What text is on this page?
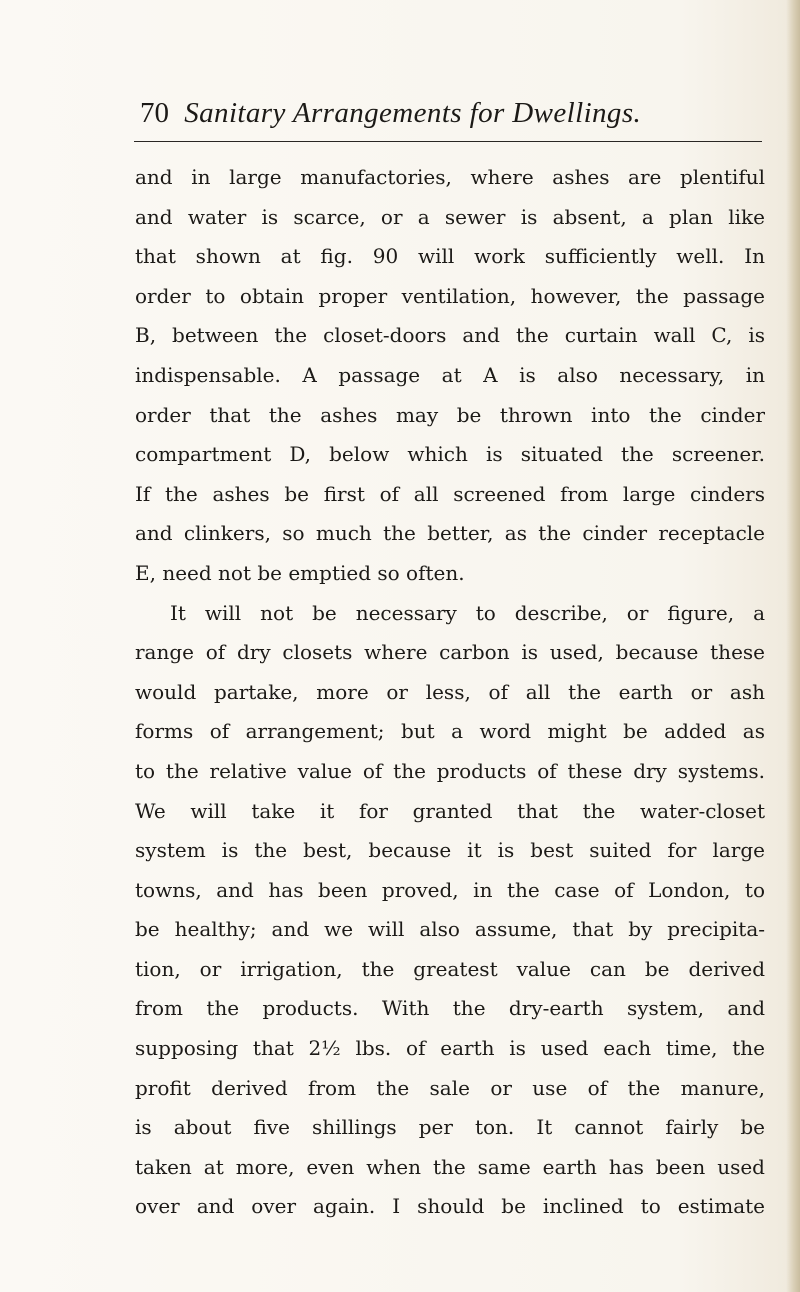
70 Sanitary Arrangements for Dwellings.
and in large manufactories, where ashes are plentiful
and water is scarce, or a sewer is absent, a plan like
that shown at fig. 90 will work sufficiently well. In
order to obtain proper ventilation, however, the passage
B, between the closet-doors and the curtain wall C, is
indispensable. A passage at A is also necessary, in
order that the ashes may be thrown into the cinder
compartment D, below which is situated the screener.
If the ashes be first of all screened from large cinders
and clinkers, so much the better, as the cinder receptacle
E, need not be emptied so often.
It will not be necessary to describe, or figure, a
range of dry closets where carbon is used, because these
would partake, more or less, of all the earth or ash
forms of arrangement; but a word might be added as
to the relative value of the products of these dry systems.
We will take it for granted that the water-closet
system is the best, because it is best suited for large
towns, and has been proved, in the case of London, to
be healthy; and we will also assume, that by precipita-
tion, or irrigation, the greatest value can be derived
from the products. With the dry-earth system, and
supposing that 2½ lbs. of earth is used each time, the
profit derived from the sale or use of the manure,
is about five shillings per ton. It cannot fairly be
taken at more, even when the same earth has been used
over and over again. I should be inclined to estimate
